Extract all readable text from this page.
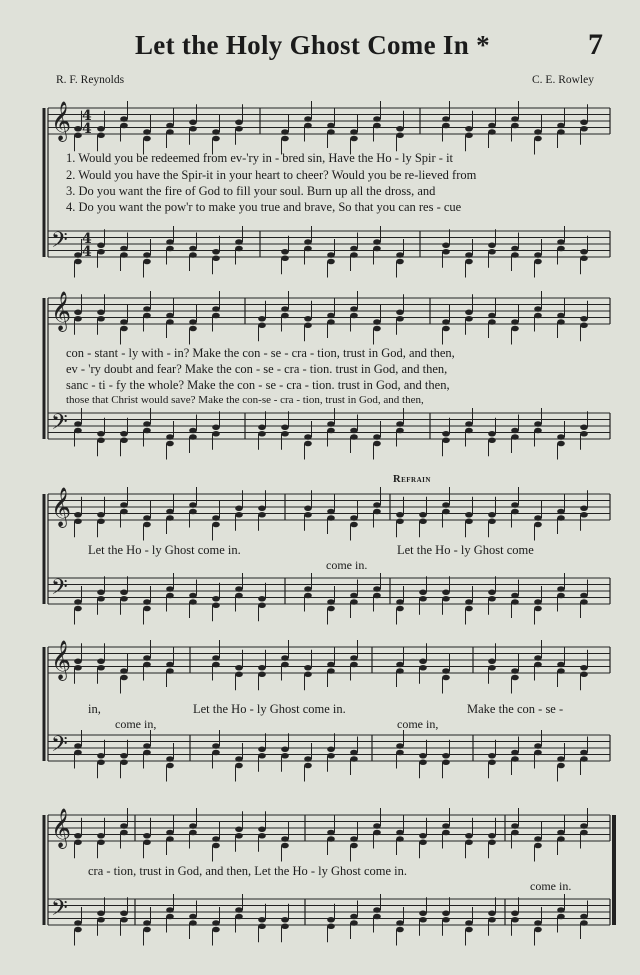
Let the Holy Ghost Come In *	7
R. F. Reynolds	C. E. Rowley
𝄞
𝄢
4
4
4
4
1. Would you be redeemed from ev-'ry in - bred sin, Have the Ho - ly Spir - it
2. Would you have the Spir-it in your heart to cheer? Would you be re-lieved from
3. Do you want the fire of God to fill your soul. Burn up all the dross, and
4. Do you want the pow'r to make you true and brave, So that you can res - cue
𝄞
𝄢
con - stant - ly with - in? Make the con - se - cra - tion, trust in God, and then,
ev - 'ry doubt and fear? Make the con - se - cra - tion. trust in God, and then,
sanc - ti - fy the whole? Make the con - se - cra - tion. trust in God, and then,
those that Christ would save? Make the con-se - cra - tion, trust in God, and then,
Refrain
𝄞
𝄢
Let the Ho - ly Ghost come in.	Let the Ho - ly Ghost come
come in.
𝄞
𝄢
in,	Let the Ho - ly Ghost come in.	Make the con - se -
come in,	come in,
𝄞
𝄢
cra - tion, trust in God, and then, Let the Ho - ly Ghost come in.
come in.
